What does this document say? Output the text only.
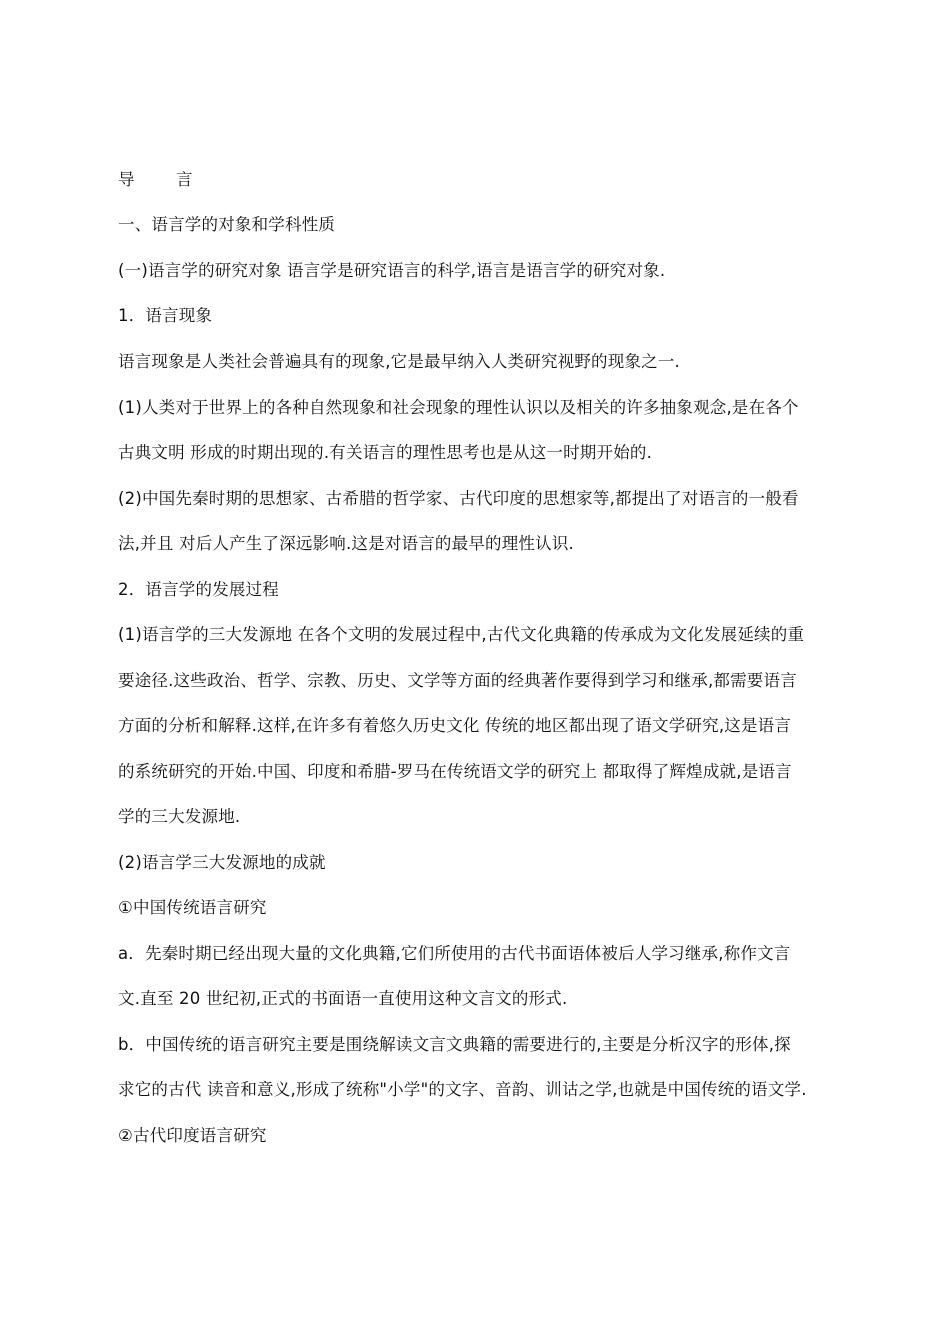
导	言
一、语言学的对象和学科性质
(一)语言学的研究对象 语言学是研究语言的科学,语言是语言学的研究对象.
1．语言现象
语言现象是人类社会普遍具有的现象,它是最早纳入人类研究视野的现象之一.
(1)人类对于世界上的各种自然现象和社会现象的理性认识以及相关的许多抽象观念,是在各个
古典文明 形成的时期出现的.有关语言的理性思考也是从这一时期开始的.
(2)中国先秦时期的思想家、古希腊的哲学家、古代印度的思想家等,都提出了对语言的一般看
法,并且 对后人产生了深远影响.这是对语言的最早的理性认识.
2．语言学的发展过程
(1)语言学的三大发源地 在各个文明的发展过程中,古代文化典籍的传承成为文化发展延续的重
要途径.这些政治、哲学、宗教、历史、文学等方面的经典著作要得到学习和继承,都需要语言
方面的分析和解释.这样,在许多有着悠久历史文化 传统的地区都出现了语文学研究,这是语言
的系统研究的开始.中国、印度和希腊-罗马在传统语文学的研究上 都取得了辉煌成就,是语言
学的三大发源地.
(2)语言学三大发源地的成就
①中国传统语言研究
a．先秦时期已经出现大量的文化典籍,它们所使用的古代书面语体被后人学习继承,称作文言
文.直至 20 世纪初,正式的书面语一直使用这种文言文的形式.
b．中国传统的语言研究主要是围绕解读文言文典籍的需要进行的,主要是分析汉字的形体,探
求它的古代 读音和意义,形成了统称"小学"的文字、音韵、训诂之学,也就是中国传统的语文学.
②古代印度语言研究
